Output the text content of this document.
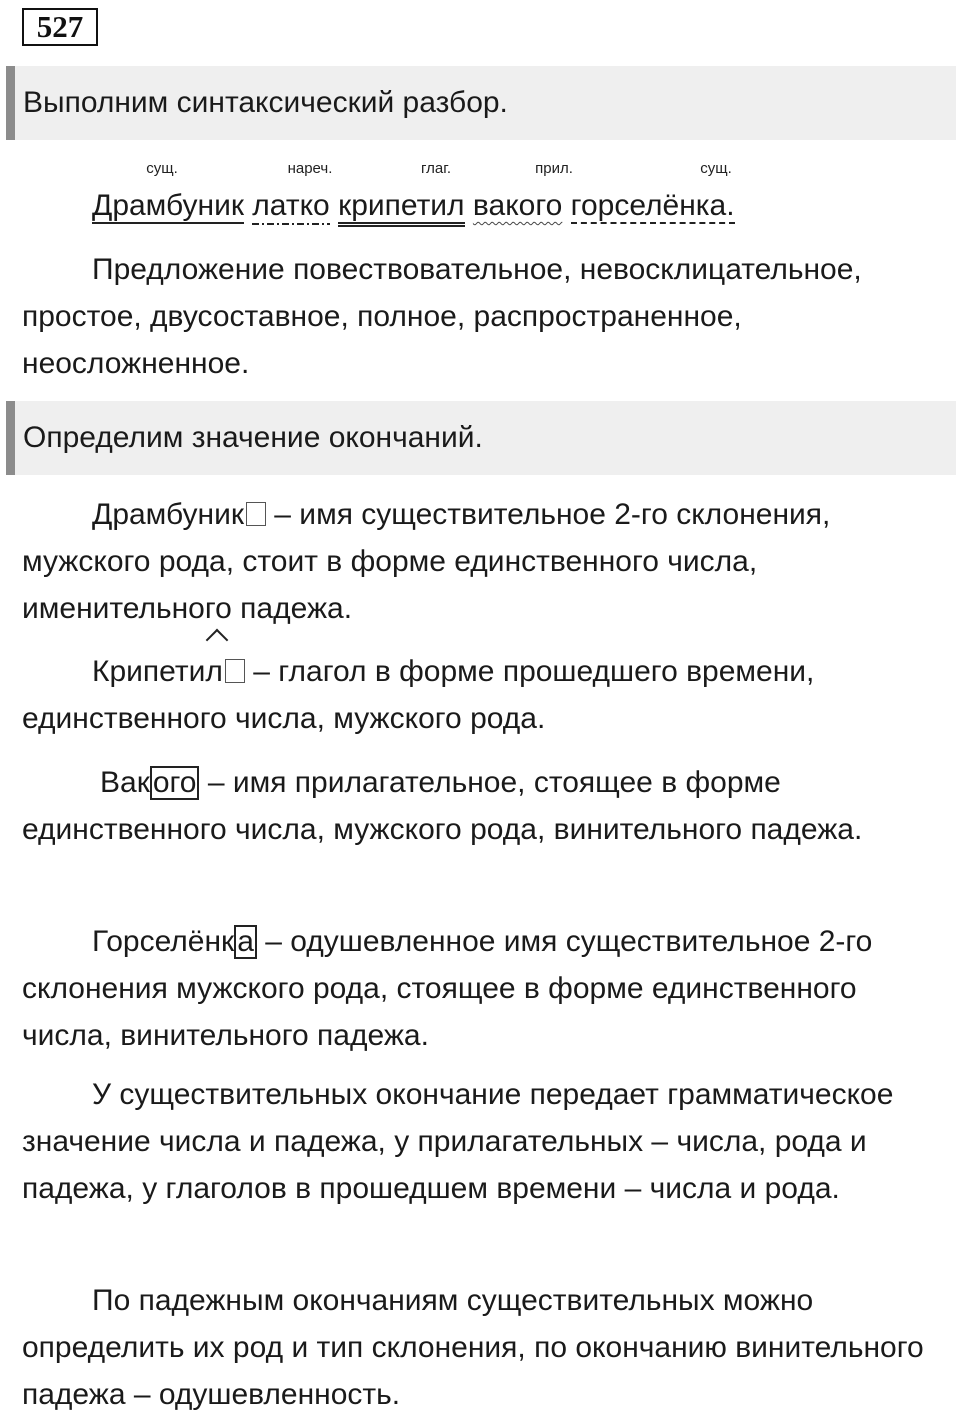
527
Выполним синтаксический разбор.
сущ.	нареч.	глаг.	прил.	сущ.
Драмбуник латко крипетил вакого горселёнка.

Предложение повествовательное, невосклицательное, простое, двусоставное, полное, распространенное, неосложненное.

Определим значение окончаний.

Драмбуник – имя существительное 2-го склонения, мужского рода, стоит в форме единственного числа, именительного падежа.

Крипетил – глагол в форме прошедшего времени, единственного числа, мужского рода.

Вак ого – имя прилагательное, стоящее в форме единственного числа, мужского рода, винительного падежа.

Горселёнк а – одушевленное имя существительное 2-го склонения мужского рода, стоящее в форме единственного числа, винительного падежа.

У существительных окончание передает грамматическое значение числа и падежа, у прилагательных – числа, рода и падежа, у глаголов в прошедшем времени – числа и рода.

По падежным окончаниям существительных можно определить их род и тип склонения, по окончанию винительного падежа – одушевленность.
